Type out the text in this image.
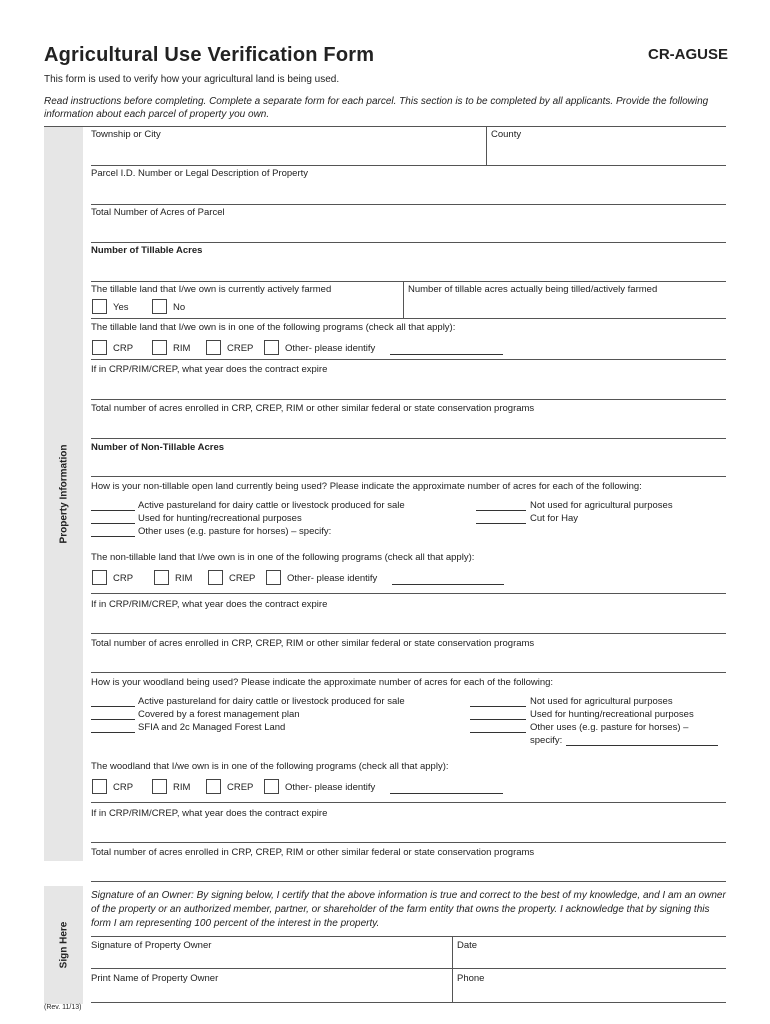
Agricultural Use Verification Form	CR-AGUSE
This form is used to verify how your agricultural land is being used.
Read instructions before completing. Complete a separate form for each parcel. This section is to be completed by all applicants. Provide the following information about each parcel of property you own.
Property Information
Sign Here
Township or City	County
Parcel I.D. Number or Legal Description of Property
Total Number of Acres of Parcel
Number of Tillable Acres
The tillable land that I/we own is currently actively farmed	Number of tillable acres actually being tilled/actively farmed
Yes	No
The tillable land that I/we own is in one of the following programs (check all that apply):
CRP	RIM	CREP	Other- please identify
If in CRP/RIM/CREP, what year does the contract expire
Total number of acres enrolled in CRP, CREP, RIM or other similar federal or state conservation programs
Number of Non-Tillable Acres
How is your non-tillable open land currently being used? Please indicate the approximate number of acres for each of the following:
Active pastureland for dairy cattle or livestock produced for sale
Used for hunting/recreational purposes
Other uses (e.g. pasture for horses) – specify:
Not used for agricultural purposes
Cut for Hay
The non-tillable land that I/we own is in one of the following programs (check all that apply):
CRP	RIM	CREP	Other- please identify
If in CRP/RIM/CREP, what year does the contract expire
Total number of acres enrolled in CRP, CREP, RIM or other similar federal or state conservation programs
How is your woodland being used? Please indicate the approximate number of acres for each of the following:
Active pastureland for dairy cattle or livestock produced for sale
Covered by a forest management plan
SFIA and 2c Managed Forest Land
Not used for agricultural purposes
Used for hunting/recreational purposes
Other uses (e.g. pasture for horses) –
specify:
The woodland that I/we own is in one of the following programs (check all that apply):
CRP	RIM	CREP	Other- please identify
If in CRP/RIM/CREP, what year does the contract expire
Total number of acres enrolled in CRP, CREP, RIM or other similar federal or state conservation programs
Signature of an Owner: By signing below, I certify that the above information is true and correct to the best of my knowledge, and I am an owner of the property or an authorized member, partner, or shareholder of the farm entity that owns the property. I acknowledge that by signing this form I am representing 100 percent of the interest in the property.
Signature of Property Owner	Date
Print Name of Property Owner	Phone
(Rev. 11/13)
